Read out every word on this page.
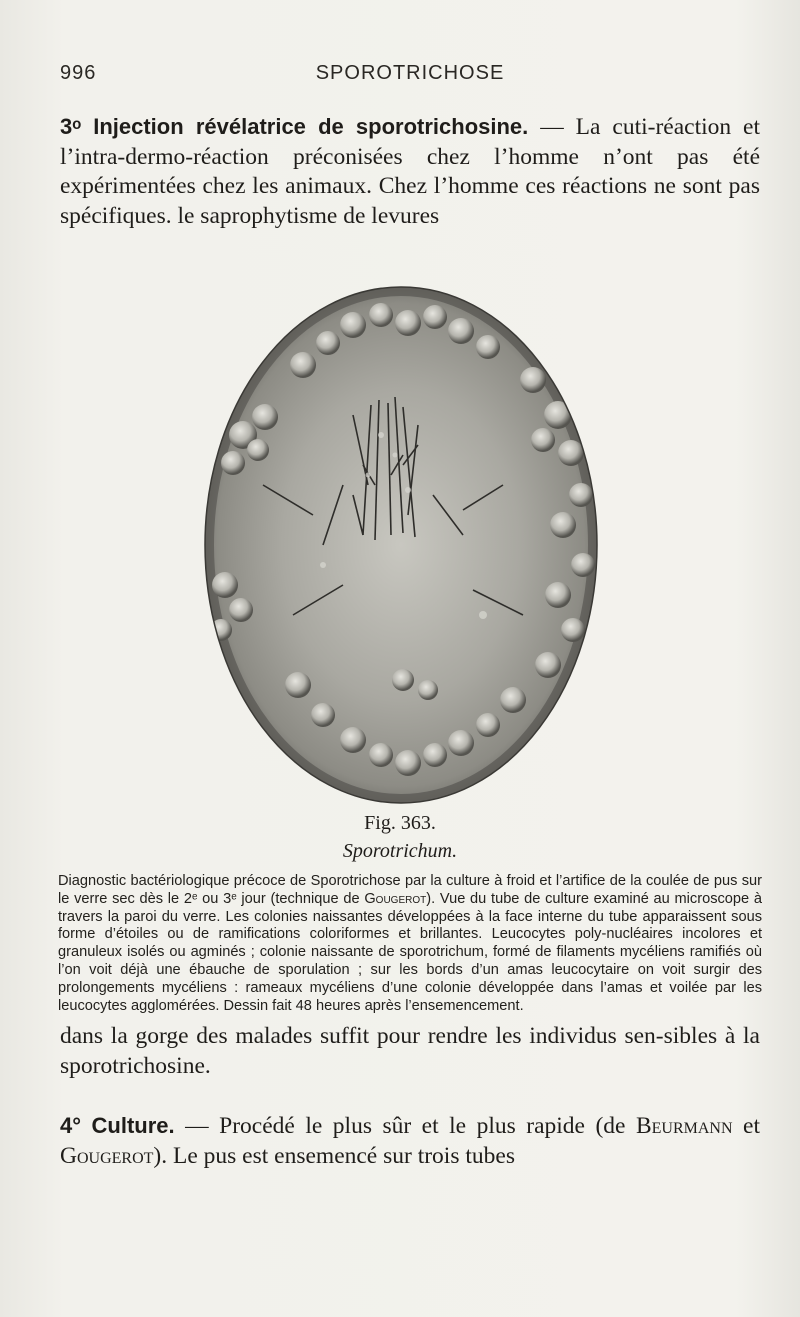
996	SPOROTRICHOSE
3ᵒ Injection révélatrice de sporotrichosine. — La cuti-réaction et l’intra-dermo-réaction préconisées chez l’homme n’ont pas été expérimentées chez les animaux. Chez l’homme ces réactions ne sont pas spécifiques. le saprophytisme de levures
Fig. 363.
Sporotrichum.
Diagnostic bactériologique précoce de Sporotrichose par la culture à froid et l’artifice de la coulée de pus sur le verre sec dès le 2ᵉ ou 3ᵉ jour (technique de Gougerot). Vue du tube de culture examiné au microscope à travers la paroi du verre. Les colonies naissantes développées à la face interne du tube apparaissent sous forme d’étoiles ou de ramifications coloriformes et brillantes. Leucocytes poly-nucléaires incolores et granuleux isolés ou agminés ; colonie naissante de sporotrichum, formé de filaments mycéliens ramifiés où l’on voit déjà une ébauche de sporulation ; sur les bords d’un amas leucocytaire on voit surgir des prolongements mycéliens : rameaux mycéliens d’une colonie développée dans l’amas et voilée par les leucocytes agglomérées. Dessin fait 48 heures après l’ensemencement.
dans la gorge des malades suffit pour rendre les individus sen-sibles à la sporotrichosine.
4° Culture. — Procédé le plus sûr et le plus rapide (de Beurmann et Gougerot). Le pus est ensemencé sur trois tubes
